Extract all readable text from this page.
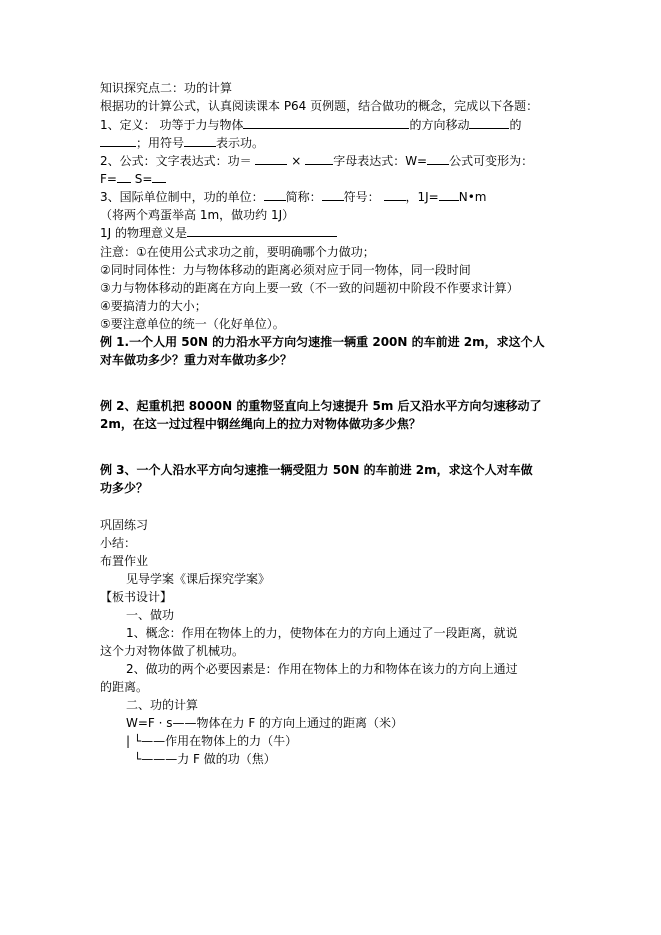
知识探究点二：功的计算
根据功的计算公式，认真阅读课本 P64 页例题，结合做功的概念，完成以下各题：
1、定义： 功等于力与物体	的方向移动	的
；用符号	表示功。
2、公式：文字表达式：功＝	×	字母表达式：W= 公式可变形为：
F= S=
3、国际单位制中，功的单位： 简称： 符号： ，1J= N•m
（将两个鸡蛋举高 1m，做功约 1J）
1J 的物理意义是
注意：①在使用公式求功之前，要明确哪个力做功；
②同时同体性：力与物体移动的距离必须对应于同一物体，同一段时间
③力与物体移动的距离在方向上要一致（不一致的问题初中阶段不作要求计算）
④要搞清力的大小；
⑤要注意单位的统一（化好单位）。
例 1.一个人用 50N 的力沿水平方向匀速推一辆重 200N 的车前进 2m，求这个人
对车做功多少？重力对车做功多少？
例 2、起重机把 8000N 的重物竖直向上匀速提升 5m 后又沿水平方向匀速移动了
2m，在这一过过程中钢丝绳向上的拉力对物体做功多少焦？
例 3、一个人沿水平方向匀速推一辆受阻力 50N 的车前进 2m，求这个人对车做
功多少？
巩固练习
小结：
布置作业
见导学案《课后探究学案》
【板书设计】
一、做功
1、概念：作用在物体上的力，使物体在力的方向上通过了一段距离，就说
这个力对物体做了机械功。
2、做功的两个必要因素是：作用在物体上的力和物体在该力的方向上通过
的距离。
二、功的计算
W=F · s——物体在力 F 的方向上通过的距离（米）
| └——作用在物体上的力（牛）
└———力 F 做的功（焦）
